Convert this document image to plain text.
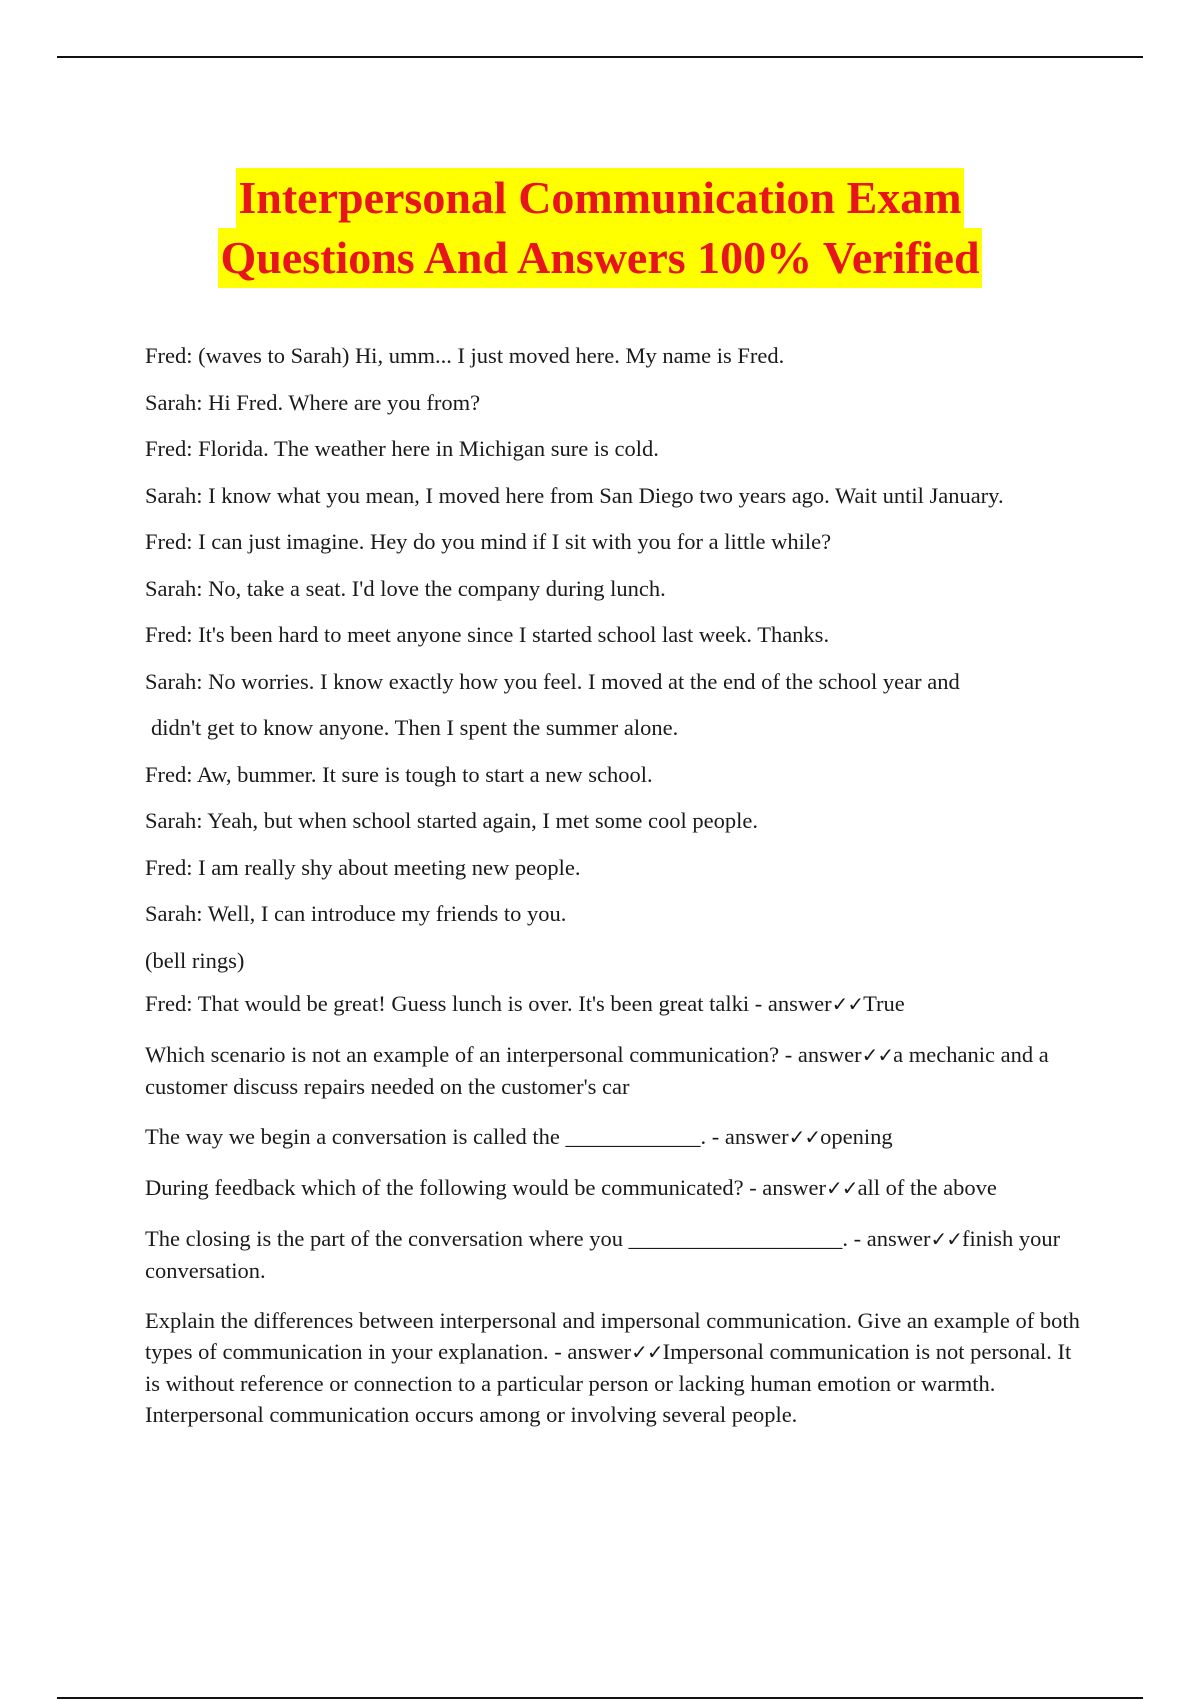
Interpersonal Communication Exam
Questions And Answers 100% Verified

Fred: (waves to Sarah) Hi, umm... I just moved here. My name is Fred.

Sarah: Hi Fred. Where are you from?

Fred: Florida. The weather here in Michigan sure is cold.

Sarah: I know what you mean, I moved here from San Diego two years ago. Wait until January.

Fred: I can just imagine. Hey do you mind if I sit with you for a little while?

Sarah: No, take a seat. I'd love the company during lunch.

Fred: It's been hard to meet anyone since I started school last week. Thanks.

Sarah: No worries. I know exactly how you feel. I moved at the end of the school year and

didn't get to know anyone. Then I spent the summer alone.

Fred: Aw, bummer. It sure is tough to start a new school.

Sarah: Yeah, but when school started again, I met some cool people.

Fred: I am really shy about meeting new people.

Sarah: Well, I can introduce my friends to you.

(bell rings)

Fred: That would be great! Guess lunch is over. It's been great talki - answer✓✓True

Which scenario is not an example of an interpersonal communication? - answer✓✓a mechanic and a customer discuss repairs needed on the customer's car

The way we begin a conversation is called the ____________. - answer✓✓opening

During feedback which of the following would be communicated? - answer✓✓all of the above

The closing is the part of the conversation where you ___________________. - answer✓✓finish your conversation.

Explain the differences between interpersonal and impersonal communication. Give an example of both types of communication in your explanation. - answer✓✓Impersonal communication is not personal. It is without reference or connection to a particular person or lacking human emotion or warmth. Interpersonal communication occurs among or involving several people.
